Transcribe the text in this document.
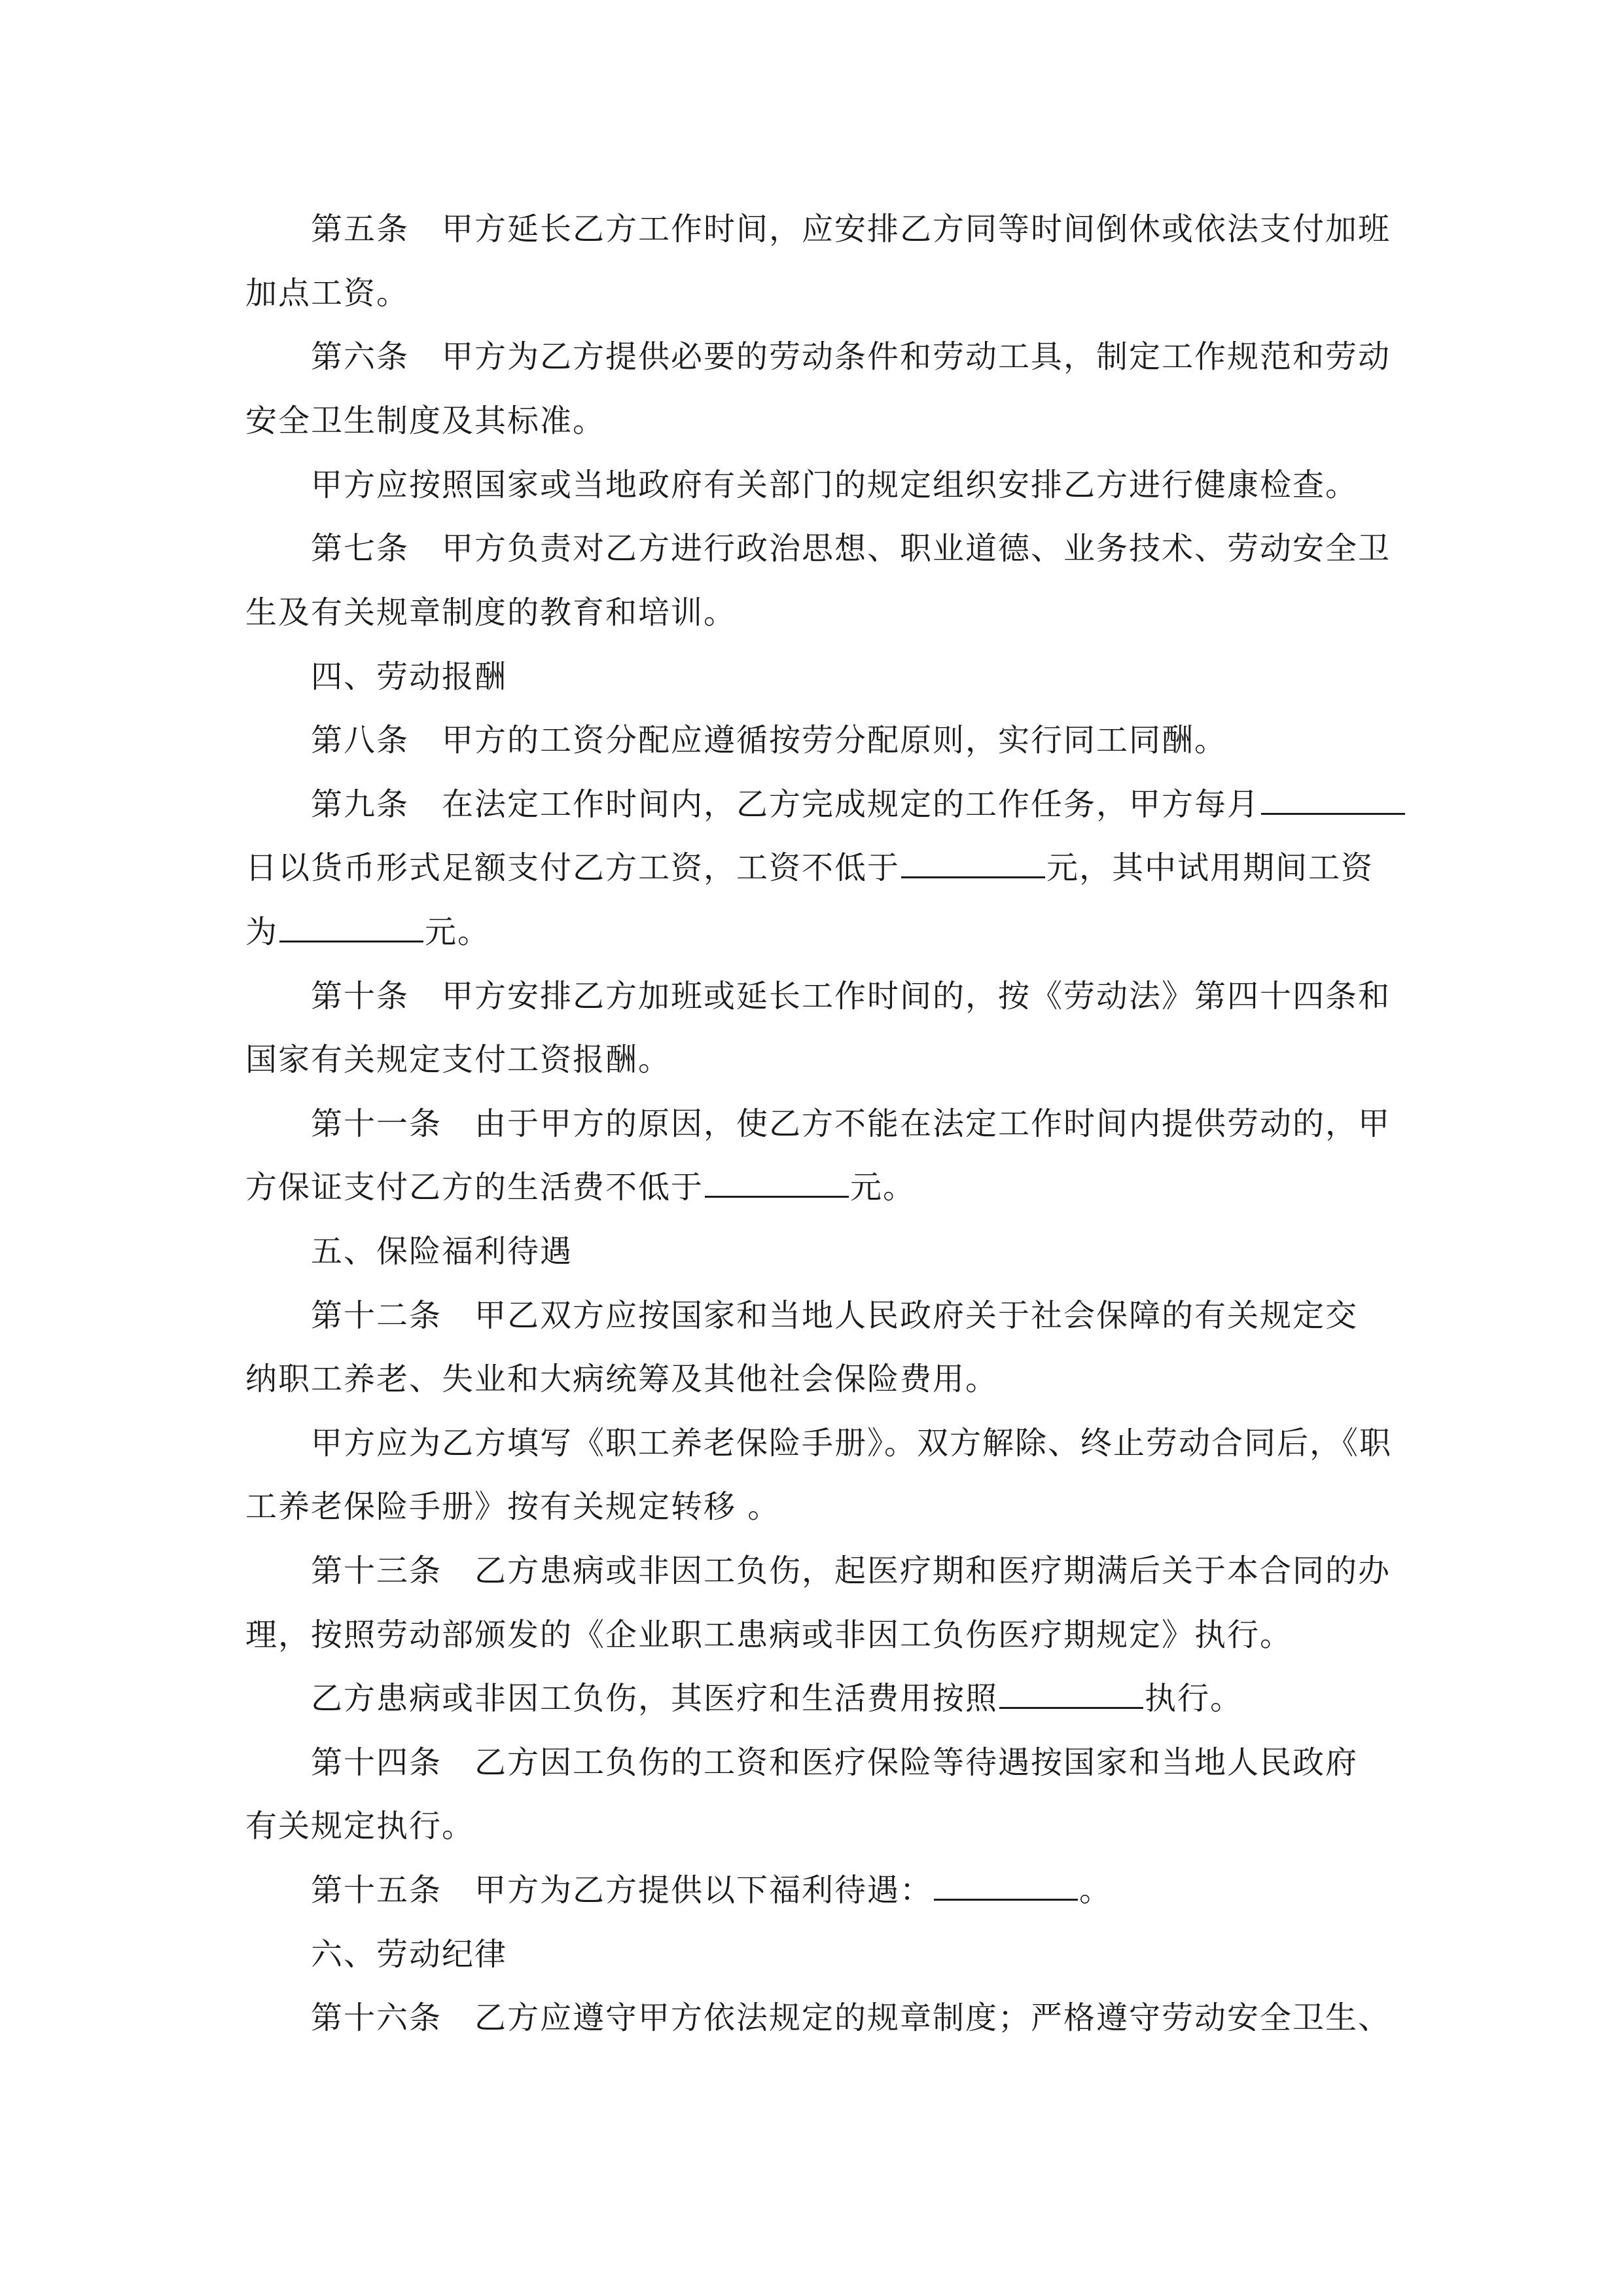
第五条 甲方延长乙方工作时间，应安排乙方同等时间倒休或依法支付加班
加点工资。
第六条 甲方为乙方提供必要的劳动条件和劳动工具，制定工作规范和劳动
安全卫生制度及其标准。
甲方应按照国家或当地政府有关部门的规定组织安排乙方进行健康检查。
第七条 甲方负责对乙方进行政治思想、职业道德、业务技术、劳动安全卫
生及有关规章制度的教育和培训。
四、劳动报酬
第八条 甲方的工资分配应遵循按劳分配原则，实行同工同酬。
第九条 在法定工作时间内，乙方完成规定的工作任务，甲方每月
日以货币形式足额支付乙方工资，工资不低于	元，其中试用期间工资
为	元。
第十条 甲方安排乙方加班或延长工作时间的，按《劳动法》第四十四条和
国家有关规定支付工资报酬。
第十一条 由于甲方的原因，使乙方不能在法定工作时间内提供劳动的，甲
方保证支付乙方的生活费不低于	元。
五、保险福利待遇
第十二条 甲乙双方应按国家和当地人民政府关于社会保障的有关规定交
纳职工养老、失业和大病统筹及其他社会保险费用。
甲方应为乙方填写《职工养老保险手册》。双方解除、终止劳动合同后，《职
工养老保险手册》按有关规定转移 。
第十三条 乙方患病或非因工负伤，起医疗期和医疗期满后关于本合同的办
理，按照劳动部颁发的《企业职工患病或非因工负伤医疗期规定》执行。
乙方患病或非因工负伤，其医疗和生活费用按照	执行。
第十四条 乙方因工负伤的工资和医疗保险等待遇按国家和当地人民政府
有关规定执行。
第十五条 甲方为乙方提供以下福利待遇：	。
六、劳动纪律
第十六条 乙方应遵守甲方依法规定的规章制度；严格遵守劳动安全卫生、
